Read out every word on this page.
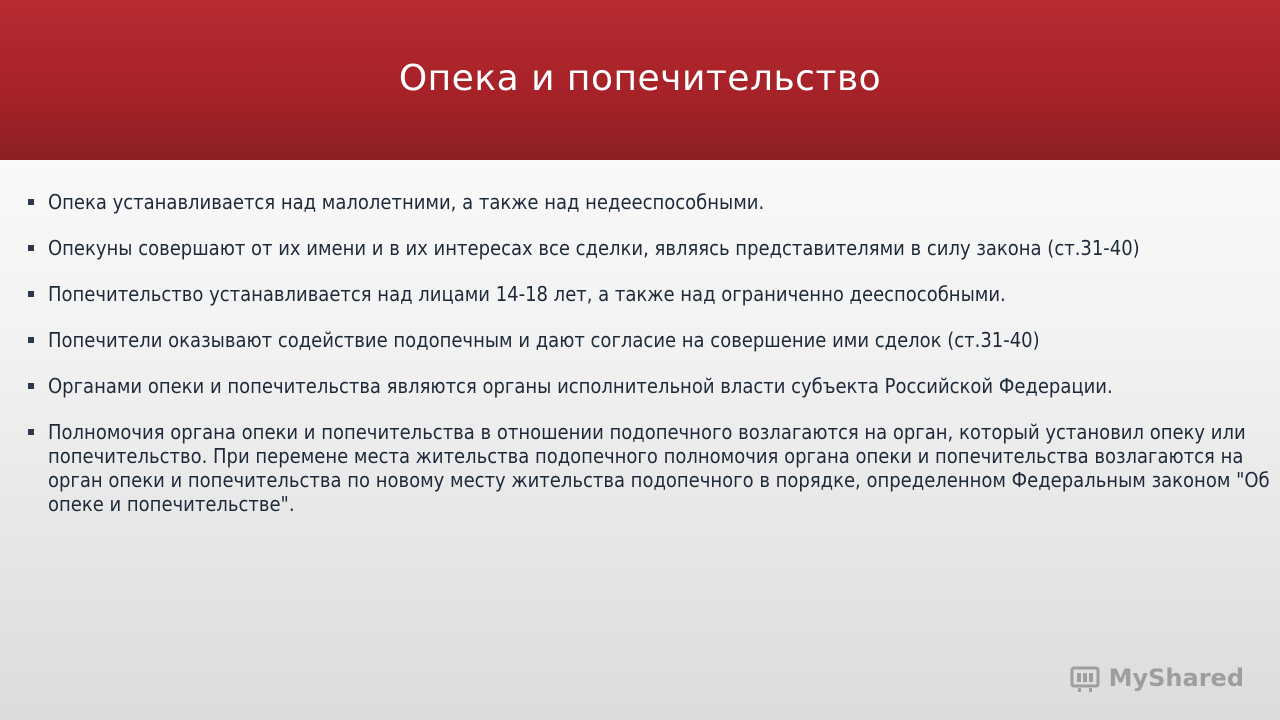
Опека и попечительство
Опека устанавливается над малолетними, а также над недееспособными.
Опекуны совершают от их имени и в их интересах все сделки, являясь представителями в силу закона (ст.31-40)
Попечительство устанавливается над лицами 14-18 лет, а также над ограниченно дееспособными.
Попечители оказывают содействие подопечным и дают согласие на совершение ими сделок (ст.31-40)
Органами опеки и попечительства являются органы исполнительной власти субъекта Российской Федерации.
Полномочия органа опеки и попечительства в отношении подопечного возлагаются на орган, который установил опеку или попечительство. При перемене места жительства подопечного полномочия органа опеки и попечительства возлагаются на орган опеки и попечительства по новому месту жительства подопечного в порядке, определенном Федеральным законом "Об опеке и попечительстве".
MyShared
